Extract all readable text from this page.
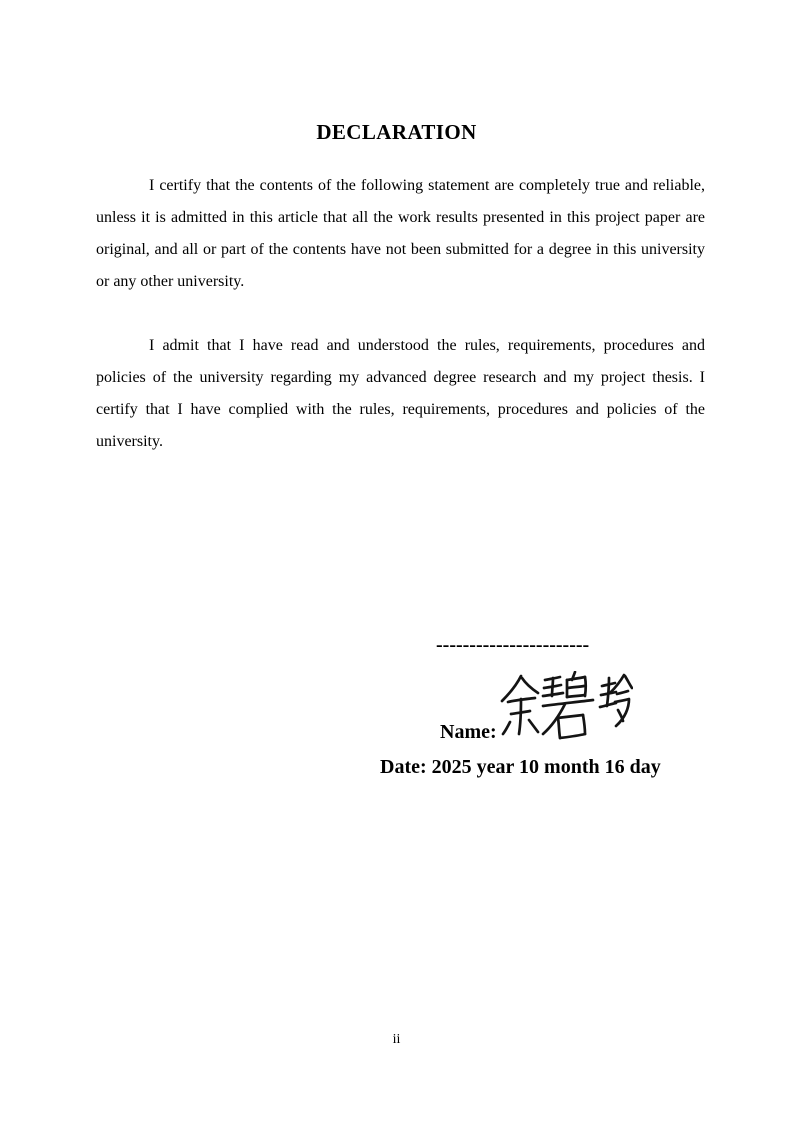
DECLARATION

I certify that the contents of the following statement are completely true and reliable, unless it is admitted in this article that all the work results presented in this project paper are original, and all or part of the contents have not been submitted for a degree in this university or any other university.

I admit that I have read and understood the rules, requirements, procedures and policies of the university regarding my advanced degree research and my project thesis. I certify that I have complied with the rules, requirements, procedures and policies of the university.

-----------------------
Name:
Date: 2025 year 10 month 16 day
ii
